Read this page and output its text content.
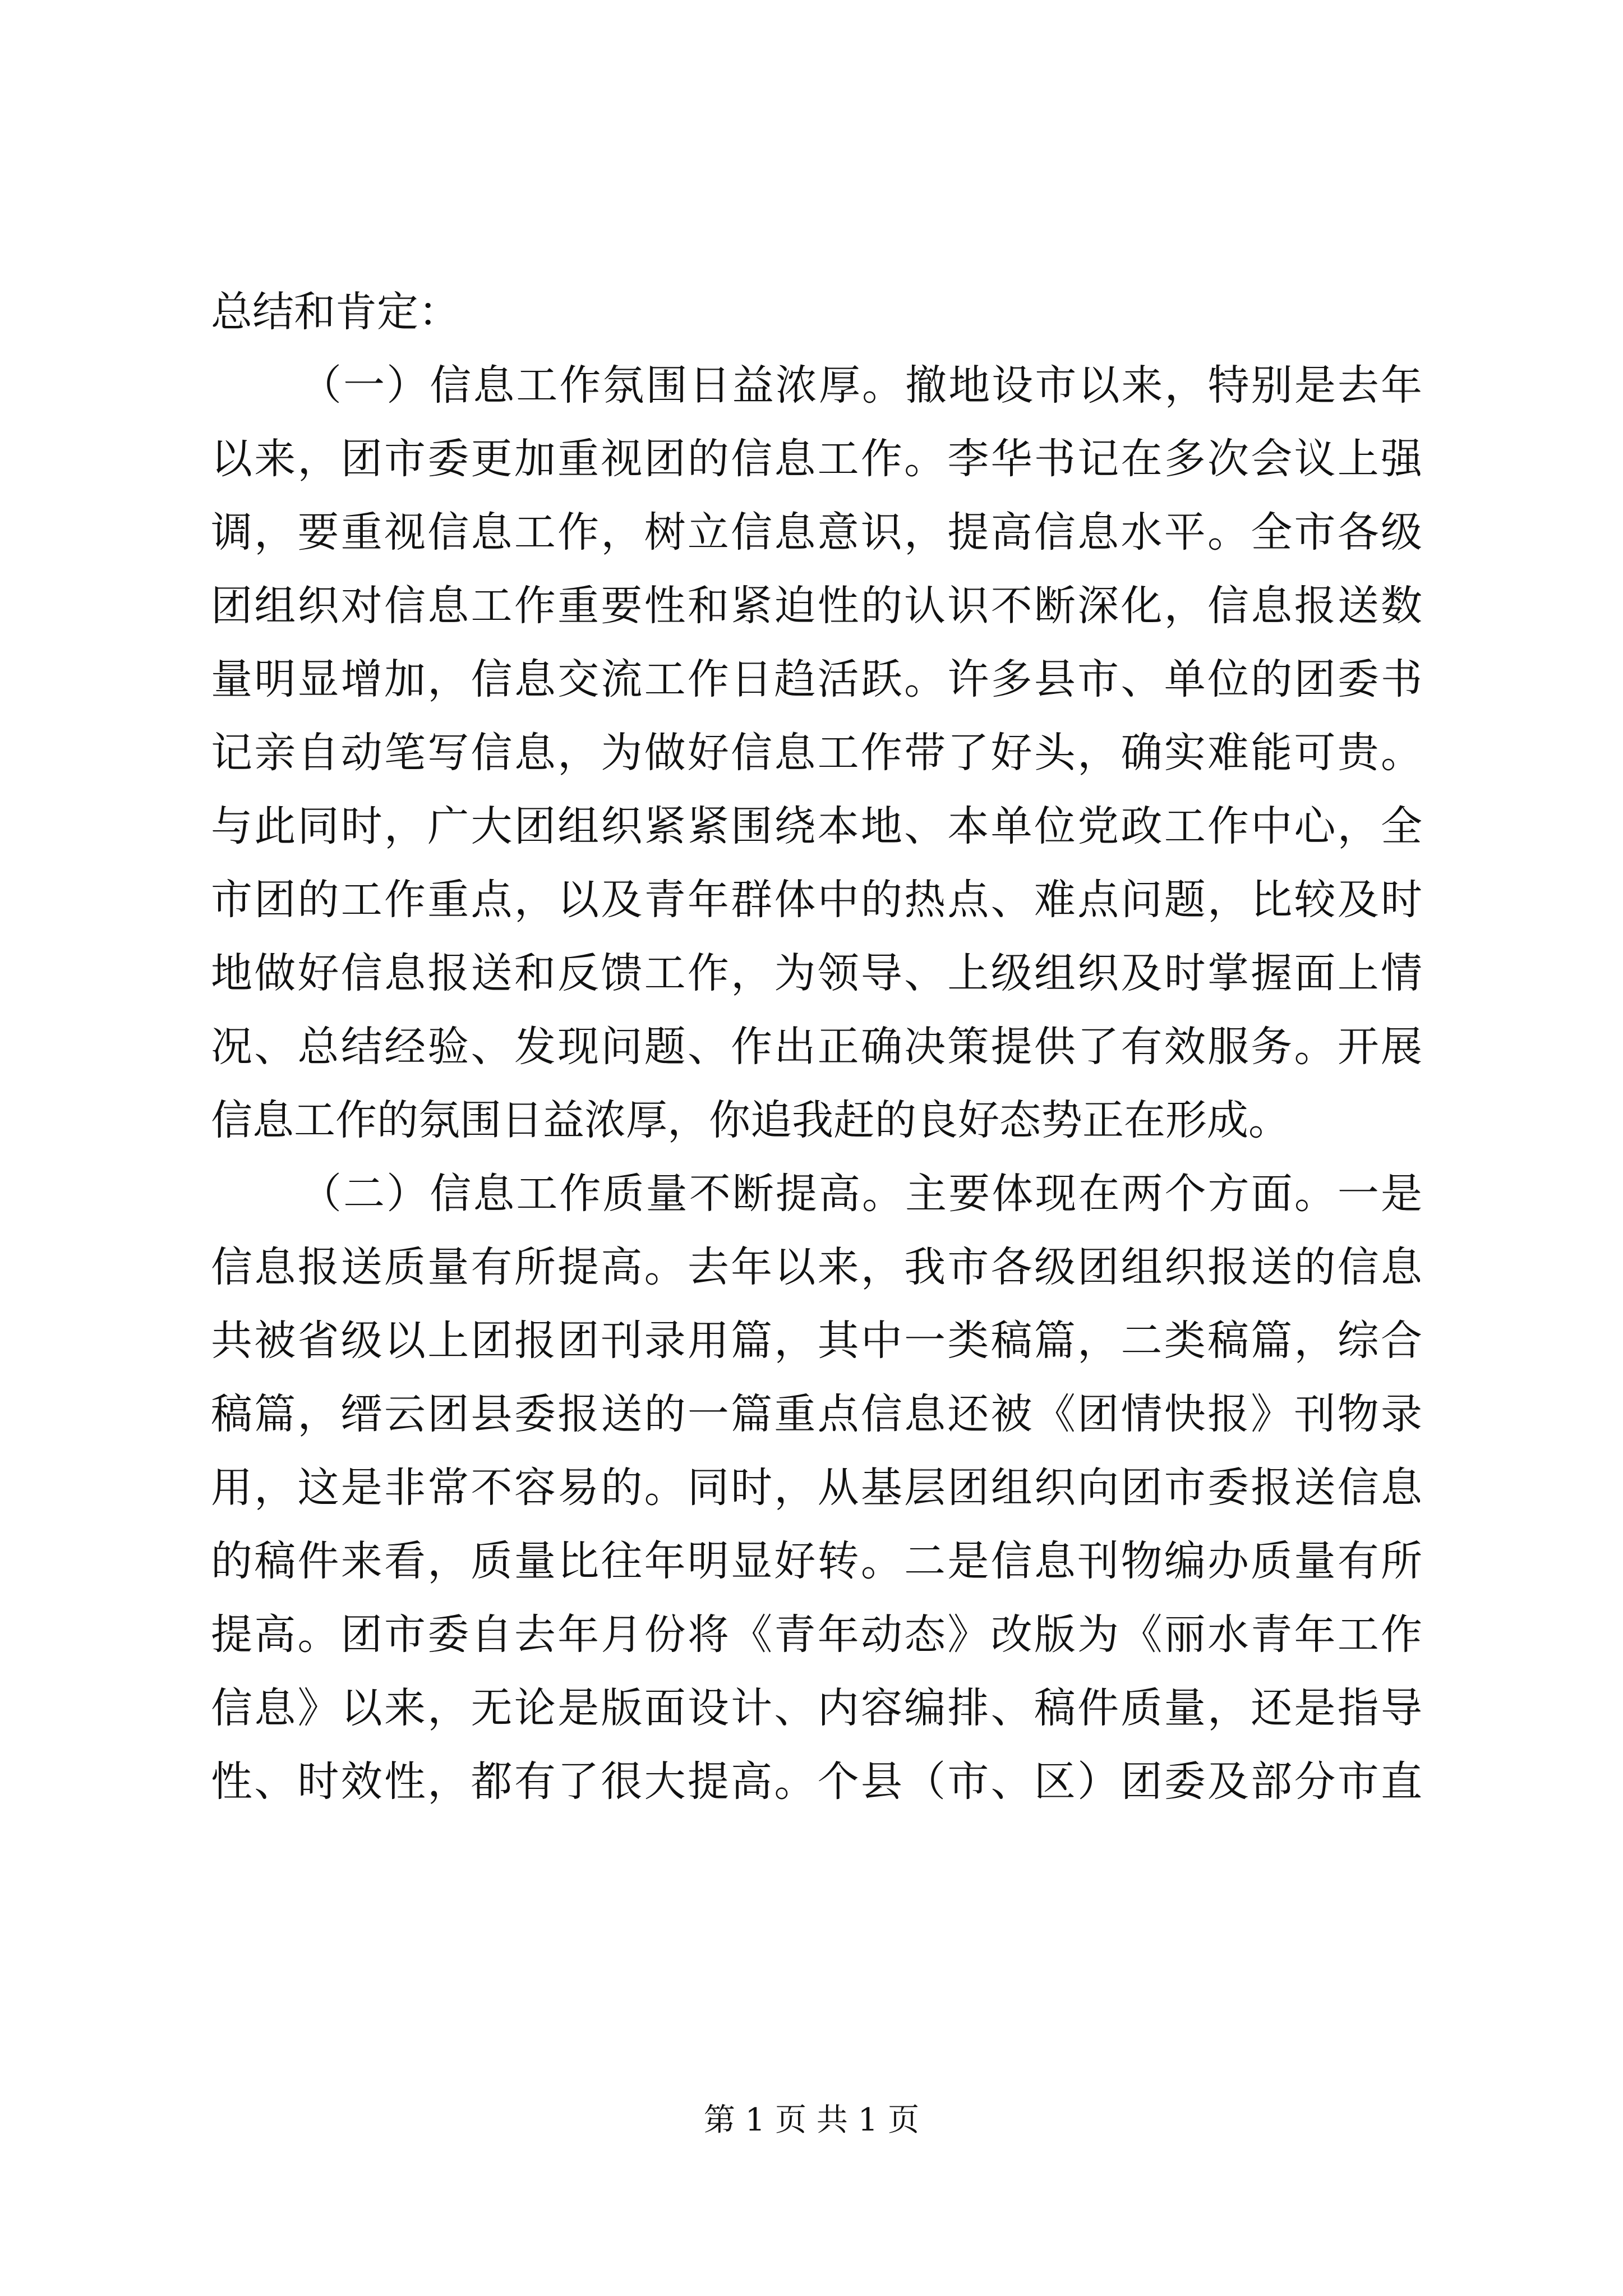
总结和肯定：
（一）信息工作氛围日益浓厚。撤地设市以来，特别是去年
以来，团市委更加重视团的信息工作。李华书记在多次会议上强
调，要重视信息工作，树立信息意识，提高信息水平。全市各级
团组织对信息工作重要性和紧迫性的认识不断深化，信息报送数
量明显增加，信息交流工作日趋活跃。许多县市、单位的团委书
记亲自动笔写信息，为做好信息工作带了好头，确实难能可贵。
与此同时，广大团组织紧紧围绕本地、本单位党政工作中心，全
市团的工作重点，以及青年群体中的热点、难点问题，比较及时
地做好信息报送和反馈工作，为领导、上级组织及时掌握面上情
况、总结经验、发现问题、作出正确决策提供了有效服务。开展
信息工作的氛围日益浓厚，你追我赶的良好态势正在形成。
（二）信息工作质量不断提高。主要体现在两个方面。一是
信息报送质量有所提高。去年以来，我市各级团组织报送的信息
共被省级以上团报团刊录用篇，其中一类稿篇，二类稿篇，综合
稿篇，缙云团县委报送的一篇重点信息还被《团情快报》刊物录
用，这是非常不容易的。同时，从基层团组织向团市委报送信息
的稿件来看，质量比往年明显好转。二是信息刊物编办质量有所
提高。团市委自去年月份将《青年动态》改版为《丽水青年工作
信息》以来，无论是版面设计、内容编排、稿件质量，还是指导
性、时效性，都有了很大提高。个县（市、区）团委及部分市直
第 1 页 共 1 页
